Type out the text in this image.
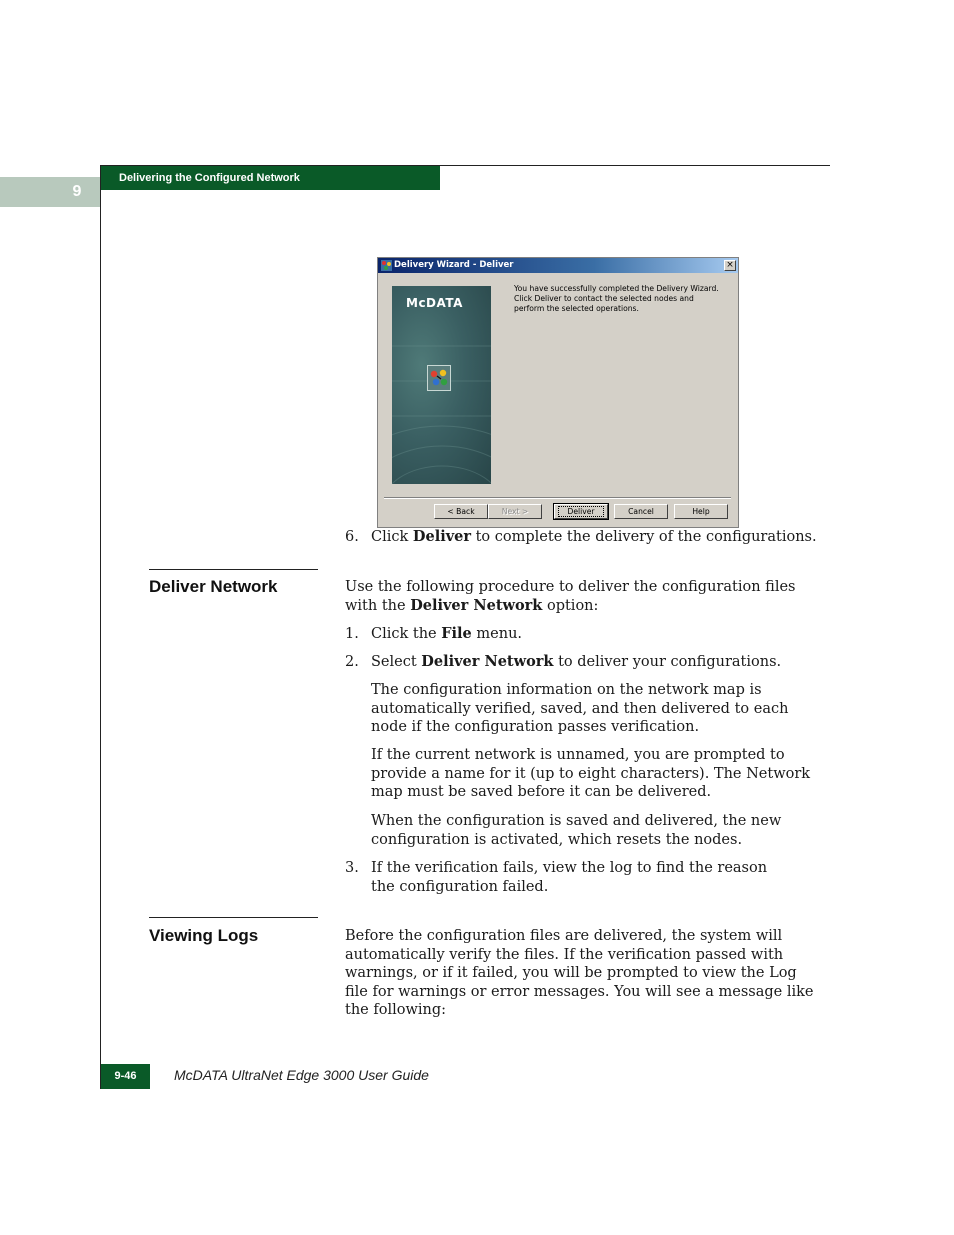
9
Delivering the Configured Network
Delivery Wizard - Deliver	×
McDATA
You have successfully completed the Delivery Wizard. Click Deliver to contact the selected nodes and perform the selected operations.
< Back	Next >	Deliver	Cancel	Help
6. Click Deliver to complete the delivery of the configurations.
Deliver Network	Use the following procedure to deliver the configuration files with the Deliver Network option:
1. Click the File menu.
2. Select Deliver Network to deliver your configurations.
The configuration information on the network map is automatically verified, saved, and then delivered to each node if the configuration passes verification.
If the current network is unnamed, you are prompted to provide a name for it (up to eight characters). The Network map must be saved before it can be delivered.
When the configuration is saved and delivered, the new configuration is activated, which resets the nodes.
3. If the verification fails, view the log to find the reason the configuration failed.
Viewing Logs	Before the configuration files are delivered, the system will automatically verify the files. If the verification passed with warnings, or if it failed, you will be prompted to view the Log file for warnings or error messages. You will see a message like the following:
9-46	McDATA UltraNet Edge 3000 User Guide
